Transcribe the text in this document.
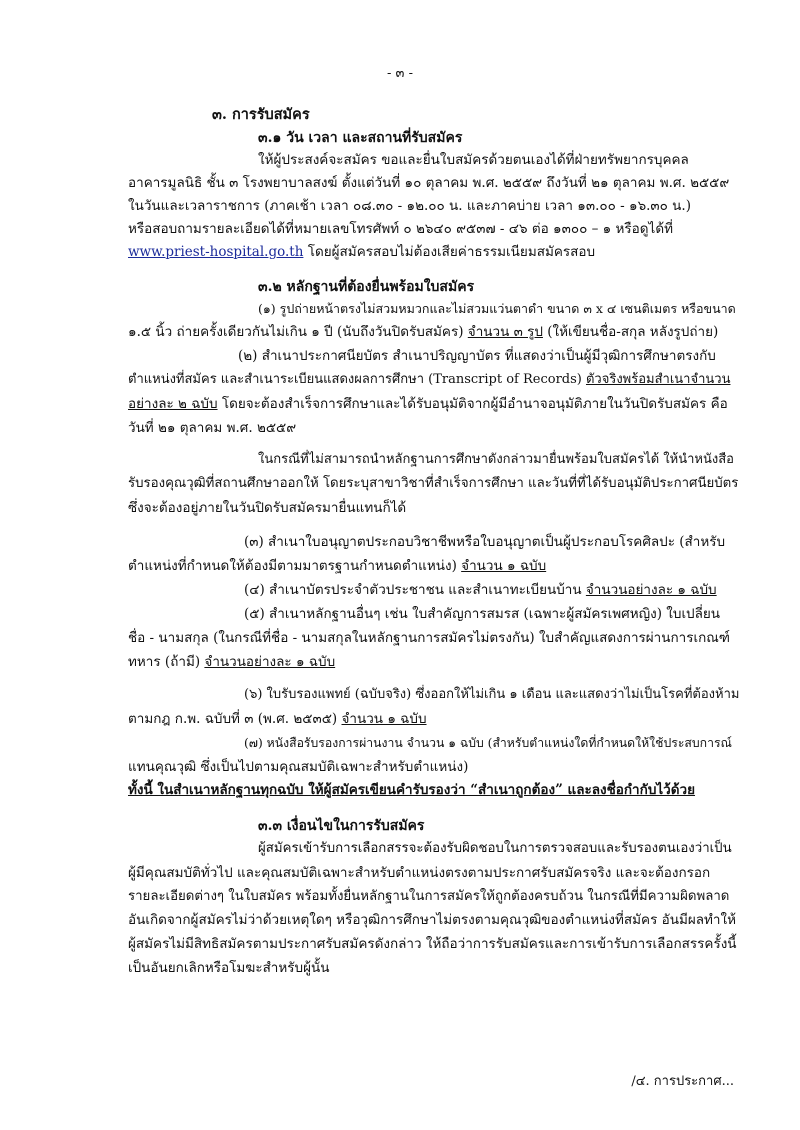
- ๓ -
๓. การรับสมัคร
๓.๑ วัน เวลา และสถานที่รับสมัคร
ให้ผู้ประสงค์จะสมัคร ขอและยื่นใบสมัครด้วยตนเองได้ที่ฝ่ายทรัพยากรบุคคล
อาคารมูลนิธิ ชั้น ๓ โรงพยาบาลสงฆ์ ตั้งแต่วันที่ ๑๐ ตุลาคม พ.ศ. ๒๕๕๙ ถึงวันที่ ๒๑ ตุลาคม พ.ศ. ๒๕๕๙
ในวันและเวลาราชการ (ภาคเช้า เวลา ๐๘.๓๐ - ๑๒.๐๐ น. และภาคบ่าย เวลา ๑๓.๐๐ - ๑๖.๓๐ น.)
หรือสอบถามรายละเอียดได้ที่หมายเลขโทรศัพท์ ๐ ๒๖๔๐ ๙๕๓๗ - ๔๖ ต่อ ๑๓๐๐ – ๑ หรือดูได้ที่
www.priest-hospital.go.th โดยผู้สมัครสอบไม่ต้องเสียค่าธรรมเนียมสมัครสอบ
๓.๒ หลักฐานที่ต้องยื่นพร้อมใบสมัคร
(๑) รูปถ่ายหน้าตรงไม่สวมหมวกและไม่สวมแว่นตาดำ ขนาด ๓ x ๔ เซนติเมตร หรือขนาด
๑.๕ นิ้ว ถ่ายครั้งเดียวกันไม่เกิน ๑ ปี (นับถึงวันปิดรับสมัคร) จำนวน ๓ รูป (ให้เขียนชื่อ-สกุล หลังรูปถ่าย)
(๒) สำเนาประกาศนียบัตร สำเนาปริญญาบัตร ที่แสดงว่าเป็นผู้มีวุฒิการศึกษาตรงกับ
ตำแหน่งที่สมัคร และสำเนาระเบียนแสดงผลการศึกษา (Transcript of Records) ตัวจริงพร้อมสำเนาจำนวน
อย่างละ ๒ ฉบับ โดยจะต้องสำเร็จการศึกษาและได้รับอนุมัติจากผู้มีอำนาจอนุมัติภายในวันปิดรับสมัคร คือ
วันที่ ๒๑ ตุลาคม พ.ศ. ๒๕๕๙
ในกรณีที่ไม่สามารถนำหลักฐานการศึกษาดังกล่าวมายื่นพร้อมใบสมัครได้ ให้นำหนังสือ
รับรองคุณวุฒิที่สถานศึกษาออกให้ โดยระบุสาขาวิชาที่สำเร็จการศึกษา และวันที่ที่ได้รับอนุมัติประกาศนียบัตร
ซึ่งจะต้องอยู่ภายในวันปิดรับสมัครมายื่นแทนก็ได้
(๓) สำเนาใบอนุญาตประกอบวิชาชีพหรือใบอนุญาตเป็นผู้ประกอบโรคศิลปะ (สำหรับ
ตำแหน่งที่กำหนดให้ต้องมีตามมาตรฐานกำหนดตำแหน่ง) จำนวน ๑ ฉบับ
(๔) สำเนาบัตรประจำตัวประชาชน และสำเนาทะเบียนบ้าน จำนวนอย่างละ ๑ ฉบับ
(๕) สำเนาหลักฐานอื่นๆ เช่น ใบสำคัญการสมรส (เฉพาะผู้สมัครเพศหญิง) ใบเปลี่ยน
ชื่อ - นามสกุล (ในกรณีที่ชื่อ - นามสกุลในหลักฐานการสมัครไม่ตรงกัน) ใบสำคัญแสดงการผ่านการเกณฑ์
ทหาร (ถ้ามี) จำนวนอย่างละ ๑ ฉบับ
(๖) ใบรับรองแพทย์ (ฉบับจริง) ซึ่งออกให้ไม่เกิน ๑ เดือน และแสดงว่าไม่เป็นโรคที่ต้องห้าม
ตามกฎ ก.พ. ฉบับที่ ๓ (พ.ศ. ๒๕๓๕) จำนวน ๑ ฉบับ
(๗) หนังสือรับรองการผ่านงาน จำนวน ๑ ฉบับ (สำหรับตำแหน่งใดที่กำหนดให้ใช้ประสบการณ์
แทนคุณวุฒิ ซึ่งเป็นไปตามคุณสมบัติเฉพาะสำหรับตำแหน่ง)
ทั้งนี้ ในสำเนาหลักฐานทุกฉบับ ให้ผู้สมัครเขียนคำรับรองว่า “สำเนาถูกต้อง” และลงชื่อกำกับไว้ด้วย
๓.๓ เงื่อนไขในการรับสมัคร
ผู้สมัครเข้ารับการเลือกสรรจะต้องรับผิดชอบในการตรวจสอบและรับรองตนเองว่าเป็น
ผู้มีคุณสมบัติทั่วไป และคุณสมบัติเฉพาะสำหรับตำแหน่งตรงตามประกาศรับสมัครจริง และจะต้องกรอก
รายละเอียดต่างๆ ในใบสมัคร พร้อมทั้งยื่นหลักฐานในการสมัครให้ถูกต้องครบถ้วน ในกรณีที่มีความผิดพลาด
อันเกิดจากผู้สมัครไม่ว่าด้วยเหตุใดๆ หรือวุฒิการศึกษาไม่ตรงตามคุณวุฒิของตำแหน่งที่สมัคร อันมีผลทำให้
ผู้สมัครไม่มีสิทธิสมัครตามประกาศรับสมัครดังกล่าว ให้ถือว่าการรับสมัครและการเข้ารับการเลือกสรรครั้งนี้
เป็นอันยกเลิกหรือโมฆะสำหรับผู้นั้น
/๔. การประกาศ...
